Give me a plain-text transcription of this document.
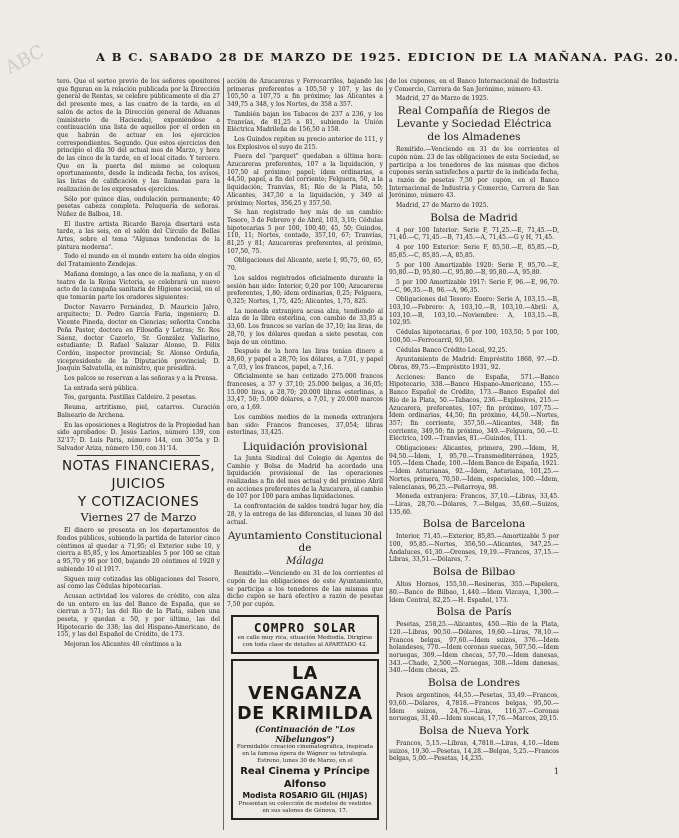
ABC	A B C. SABADO 28 DE MARZO DE 1925. EDICION DE LA MAÑANA. PAG. 20.

tero. Que el sorteo previo de los señores opositores que figuran en la relación publicada por la Dirección general de Rentas, se celebre públicamente el día 27 del presente mes, a las cuatro de la tarde, en el salón de actos de la Dirección general de Aduanas (ministerio de Hacienda), exponiéndose a continuación una lista de aquellos por el orden en que habrán de actuar en los ejercicios correspondientes. Segundo. Que estos ejercicios den principio el día 30 del actual mes de Marzo, y hora de las cinco de la tarde, en el local citado. Y tercero. Que en la puerta del mismo se coloquen oportunamente, desde la indicada fecha, los avisos, las listas de calificación y las llamadas para la realización de los expresados ejercicios.

Sólo por quince días, ondulación permanente; 40 pesetas cabeza completa. Peluquería de señoras. Núñez de Balboa, 18.

El ilustre artista Ricardo Baroja disertará esta tarde, a las seis, en el salón del Círculo de Bellas Artes, sobre el tema "Algunas tendencias de la pintura moderna".

Todo el mundo en el mundo entero ha oído elogios del Tratamiento Zendejas.

Mañana domingo, a las once de la mañana, y en el teatro de la Reina Victoria, se celebrará un nuevo acto de la campaña sanitaria de Higiene social, en el que tomarán parte los oradores siguientes:

Doctor Navarro Fernández, D. Mauricio Jalvo, arquitecto; D. Pedro García Faria, ingeniero; D. Vicente Pineda, doctor en Ciencias; señorita Concha Peña Pastor, doctora en Filosofía y Letras; Sr. Ros Sáenz, doctor Cazorlo, Sr. González Vallarino, estudiante; D. Rafael Salazar Alonso, D. Félix Cordón, inspector provincial; Sr. Alonso Orduña, vicepresidente de la Diputación provincial; D. Joaquín Salvatella, ex ministro, que presidirá.

Los palcos se reservan a las señoras y a la Prensa.

La entrada será pública.

Tos, garganta. Pastillas Caldeiro. 2 pesetas.

Reuma, artritismo, piel, catarros. Curación Balneario de Archena.

En las oposiciones a Registros de la Propiedad han sido aprobados: D. Jesús Larios, número 139, con 32'17; D. Luis Paris, número 144, con 30'5a y D. Salvador Ariza, número 150, con 31'14.

NOTAS FINANCIERAS,
JUICIOS
Y COTIZACIONES
Viernes 27 de Marzo

El dinero se presenta en los departamentos de fondos públicos, subiendo la partida de Interior cinco céntimos al quedar a 71,95; el Exterior sube 10, y cierra a 85,85, y los Amortizables 5 por 100 se citan a 95,70 y 96 por 100, bajando 20 céntimos el 1920 y subiendo 10 el 1917.

Siguen muy cotizadas las obligaciones del Tesoro, así como las Cédulas hipotecarias.

Acusan actividad los valores de crédito, con alza de un entero en las del Banco de España, que se cierran a 571; las del Río de la Plata, suben una peseta, y quedan a 50, y por último, las del Hipotecario de 338; las del Hispano-Americano, de 155, y las del Español de Crédito, de 173.

Mejoran los Alicantes 40 céntimos a la

acción de Azucareras y Ferrocarriles, bajando las primeras preferentes a 105,50 y 107, y las de 105,50 a 107,75 a fin próximo; las Alicantes a 349,75 a 348, y los Nortes, de 358 a 357.

También bajan los Tabacos de 237 a 236, y los Tranvías, de 81,25 a 81, subiendo la Unión Eléctrica Madrileña de 156,50 a 158.

Los Guindos repiten su precio anterior de 111, y los Explosivos el suyo de 215.

Fuera del "parquet" quedaban a última hora: Azucareras preferentes, 107 a la liquidación, y 107,50 al próximo; papel; ídem ordinarias, a 44,50, papel, a fin del corriente; Felguera, 50, a la liquidación; Tranvías, 81; Río de la Plata, 50; Alicantes, 347,50 a la liquidación, y 349 al próximo; Nortes, 356,25 y 357,50.

Se han registrado hoy más de un cambio: Tesoro, 3 de Febrero y de Abril, 103, 3,10; Cédulas hipotecarias 5 por 100, 100,40, 45, 50; Guindos, 110, 11; Nortes, contado, 357,10, 67; Tranvías, 81,25 y 81; Azucareras preferentes, al próximo, 107,50, 75.

Obligaciones del Alicante, serie I, 95,75, 60, 65, 70.

Los saldos registrados oficialmente durante la sesión han sido: Interior, 0,20 por 100; Azucareras preferentes, 1,80; ídem ordinarias, 0,25; Felguera, 0,325; Nortes, 1,75, 425; Alicantes, 1,75, 825.

La moneda extranjera acusa alza, tendiendo al alza de la libra esterlina, con cambio de 33,85 a 33,60. Los francos se varían de 37,10; las liras, de 28,70, y los dólares quedan a siete pesetas, con baja de un céntimo.

Después de la hora las liras tenían dinero a 28,60, y papel a 28,70; los dólares, a 7,01, y papel a 7,03, y los francos, papel, a 7,16.

Oficialmente se han cotizado 275.000 francos franceses, a 37 y 37,10; 25.000 belgas, a 36,05; 15.000 liras, a 28,70; 20.000 libras esterlinas, a 33,47, 50; 5.000 dólares, a 7,01, y 20.000 marcos oro, a 1,69.

Los cambios medios de la moneda extranjera han sido: Francos franceses, 37,054; libras esterlinas, 33,425.

Liquidación provisional

La Junta Sindical del Colegio de Agentes de Cambio y Bolsa de Madrid ha acordado una liquidación provisional de las operaciones realizadas a fin del mes actual y del próximo Abril en acciones preferentes de la Azucarera, al cambio de 107 por 100 para ambas liquidaciones.

La confrontación de saldos tendrá lugar hoy, día 28, y la entrega de las diferencias, el lunes 30 del actual.

Ayuntamiento Constitucional de
Málaga

Remitido.—Venciendo en 31 de los corrientes el cupón de las obligaciones de este Ayuntamiento, se participa a los tenedores de las mismas que dicho cupón se hará efectivo a razón de pesetas 7,50 por cupón.

COMPRO SOLAR
en calle muy rica, situación Mediodía. Dirigirse con toda clase de detalles al APARTADO 42.
LA VENGANZA
DE KRIMILDA
(Continuación de "Los Nibelungos")
Formidable creación cinematográfica, inspirada en la famosa ópera de Wágner su tetralogía. Estreno, lunes 30 de Marzo, en el
Real Cinema y Príncipe Alfonso
Modista ROSARIO GIL (HIJAS)
Presentan su colección de modelos de vestidos en sus salones de Génova, 17.

de los cupones, en el Banco Internacional de Industria y Comercio, Carrera de San Jerónimo, número 43.

Madrid, 27 de Marzo de 1925.

Real Compañía de Riegos de Levante y Sociedad Eléctrica de los Almadenes

Remitido.—Venciendo en 31 de los corrientes el cupón núm. 23 de las obligaciones de esta Sociedad, se participa a los tenedores de las mismas que dichos cupones serán satisfechos a partir de la indicada fecha, a razón de pesetas 7,50 por cupón, en el Banco Internacional de Industria y Comercio, Carrera de San Jerónimo, número 43.

Madrid, 27 de Marzo de 1925.

Bolsa de Madrid

4 por 100 Interior: Serie F, 71,25.—E, 71,45.—D, 71,40.—C, 71,45.—B, 71,45.—A, 71,45.—G y H, 71,45.

4 por 100 Exterior: Serie F, 85,50.—E, 85,85.—D, 85,85.—C, 85,85.—A, 85,85.

5 por 100 Amortizable 1920: Serie F, 95,70.—E, 95,80.—D, 95,80.—C, 95,80.—B, 95,80.—A, 95,80.

5 por 100 Amortizable 1917: Serie F, 96.—E, 96,70.—C, 96,35.—B, 96.—A, 96,35.

Obligaciones del Tesoro: Enero: Serie A, 103,15.—B, 103,10.—Febrero: A, 103,10.—B, 103,10.—Abril: A, 103,10.—B, 103,10.—Noviembre: A, 103,15.—B, 102,95.

Cédulas hipotecarias, 6 por 100, 103,50; 5 por 100, 100,50.—Ferrocarril, 93,50.

Cédulas Banco Crédito Local, 92,25.

Ayuntamiento de Madrid: Empréstito 1868, 97.—D. Obras, 89,75.—Empréstito 1931, 92.

Acciones: Banco de España, 571.—Banco Hipotecario, 338.—Banco Hispano-Americano, 155.—Banco Español de Crédito, 173.—Banco Español del Río de la Plata, 50.—Tabacos, 236.—Explosivos, 215.—Azucarera, preferentes, 107; fin próximo, 107,75.—Ídem ordinarias, 44,50; fin próximo, 44,50.—Nortes, 357; fin corriente, 357,50.—Alicantes, 348; fin corriente, 349,50; fin próximo, 349.—Felguera, 50.—U. Eléctrica, 109.—Tranvías, 81.—Guindos, 111.

Obligaciones: Alicantes, primera, 290.—Ídem, H, 94,50.—Ídem, I, 95,70.—Transmediterránea, 1925, 105.—Ídem Chade, 100.—Ídem Banco de España, 1921.—Ídem Asturianas, 92.—Ídem, Asturiana, 101,25.—Nortes, primera, 70,50.—Ídem, especiales, 100.—Ídem, valencianas, 96,25.—Peñarroya, 98.

Moneda extranjera: Francos, 37,10.—Libras, 33,45.—Liras, 28,70.—Dólares, 7.—Belgas, 35,60.—Suizos, 135,60.

Bolsa de Barcelona

Interior, 71,45.—Exterior, 85,85.—Amortizable 5 por 100, 95,85.—Nortes, 356,50.—Alicantes, 347,25.—Andaluces, 61,30.—Orenses, 19,19.—Francos, 37,15.—Libras, 33,51.—Dólares, 7.

Bolsa de Bilbao

Altos Hornos, 155,50.—Resineras, 355.—Papelera, 80.—Banco de Bilbao, 1,440.—Ídem Vizcaya, 1,300.—Ídem Central, 82,25.—H. Español, 173.

Bolsa de París

Pesetas, 258,25.—Alicantes, 450.—Río de la Plata, 120.—Libras, 90,50.—Dólares, 19,60.—Liras, 78,10.—Francos belgas, 97,60.—Ídem suizos, 376.—Ídem holandeses, 770.—Ídem coronas suecas, 507,50.—Ídem noruegas, 309.—Ídem checas, 57,70.—Ídem danesas, 343.—Chade, 2,500.—Noruegas, 308.—Ídem danesas, 340.—Ídem checas, 25.

Bolsa de Londres

Pesos argentinos, 44,55.—Pesetas, 33,49.—Francos, 93,60.—Dólares, 4,7818.—Francos belgas, 95,50.—Ídem suizos, 24,76.—Liras, 116,37.—Coronas noruegas, 31,40.—Ídem suecas, 17,76.—Marcos, 20,15.

Bolsa de Nueva York

Francos, 5,15.—Libras, 4,7818.—Liras, 4,10.—Ídem suizos, 19,30.—Pesetas, 14,28.—Belgas, 5,25.—Francos belgas, 5,00.—Pesetas, 14,235.

1
